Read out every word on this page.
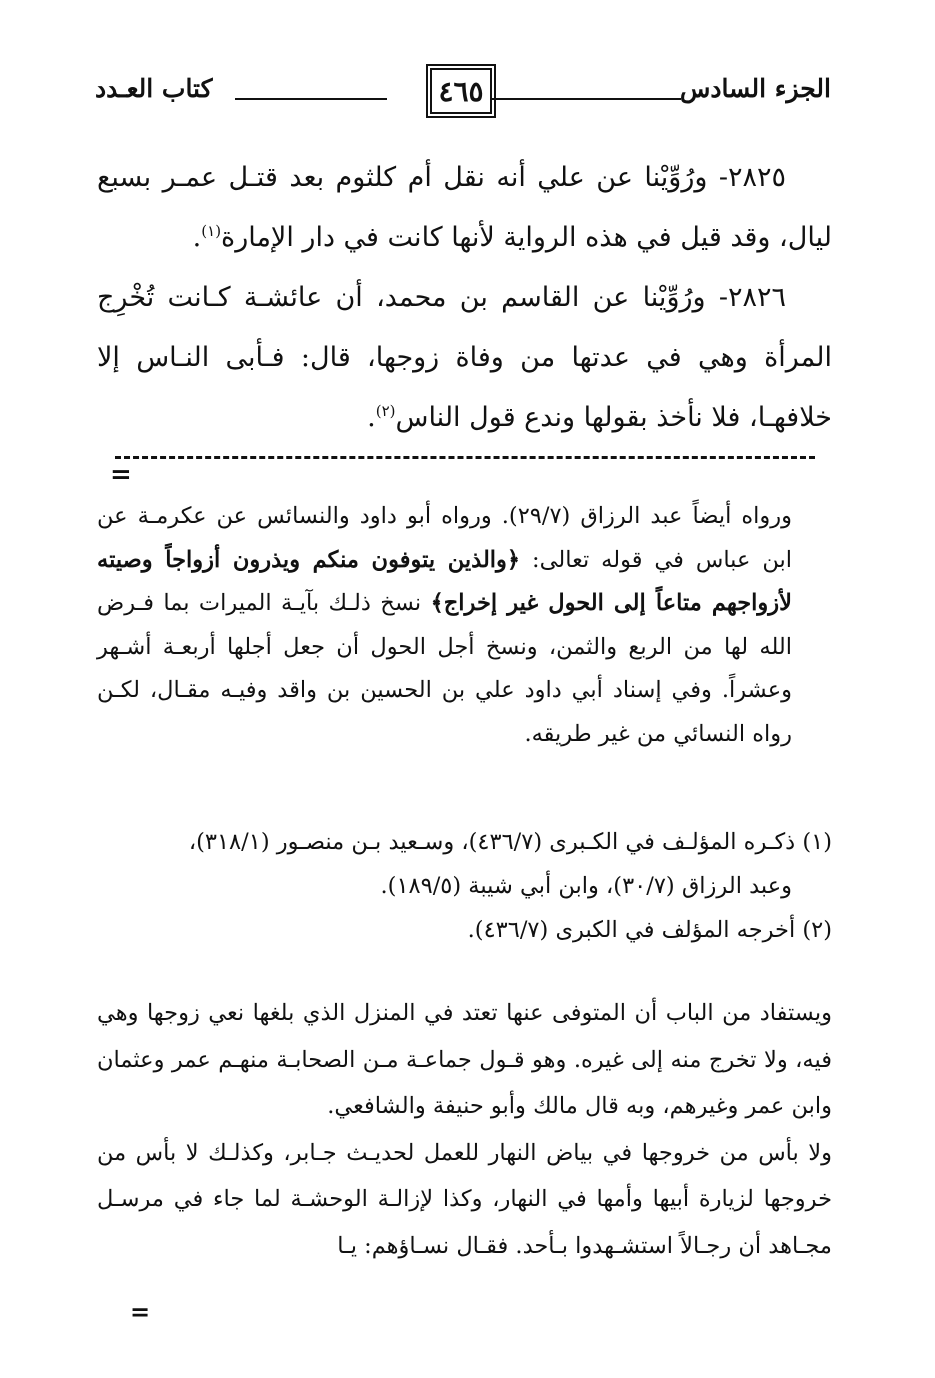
الجزء السادس
٤٦٥
كتاب العـدد

٢٨٢٥- ورُوِّيْنا عن علي أنه نقل أم كلثوم بعد قتـل عمـر بسبع ليال، وقد قيل في هذه الرواية لأنها كانت في دار الإمارة$^{(١)}$.

٢٨٢٦- ورُوِّيْنا عن القاسم بن محمد، أن عائشـة كـانت تُخْرِج المرأة وهي في عدتها من وفاة زوجها، قال: فـأبى النـاس إلا خلافهـا، فلا نأخذ بقولها وندع قول الناس$^{(٢)}$.

=

ورواه أيضاً عبد الرزاق (٢٩/٧). ورواه أبو داود والنسائس عن عكرمـة عن ابن عباس في قوله تعالى: ﴿والذين يتوفون منكم ويذرون أزواجاً وصيته لأزواجهم متاعاً إلى الحول غير إخراج﴾ نسخ ذلـك بآيـة الميرات بما فـرض الله لها من الربع والثمن، ونسخ أجل الحول أن جعل أجلها أربعـة أشـهر وعشراً. وفي إسناد أبي داود علي بن الحسين بن واقد وفيـه مقـال، لكـن رواه النسائي من غير طريقه.

(١) ذكـره المؤلـف في الكـبرى (٤٣٦/٧)، وسـعيد بـن منصـور (٣١٨/١)،

وعبد الرزاق (٣٠/٧)، وابن أبي شيبة (١٨٩/٥).

(٢) أخرجه المؤلف في الكبرى (٤٣٦/٧).

ويستفاد من الباب أن المتوفى عنها تعتد في المنزل الذي بلغها نعي زوجها وهي فيه، ولا تخرج منه إلى غيره. وهو قـول جماعـة مـن الصحابـة منهـم عمر وعثمان وابن عمر وغيرهم، وبه قال مالك وأبو حنيفة والشافعي.

ولا بأس من خروجها في بياض النهار للعمل لحديـث جـابر، وكذلـك لا بأس من خروجها لزيارة أبيها وأمها في النهار، وكذا لإزالـة الوحشـة لما جاء في مرسـل مجـاهد أن رجـالاً استشـهدوا بـأحد. فقـال نسـاؤهم: يـا

=
